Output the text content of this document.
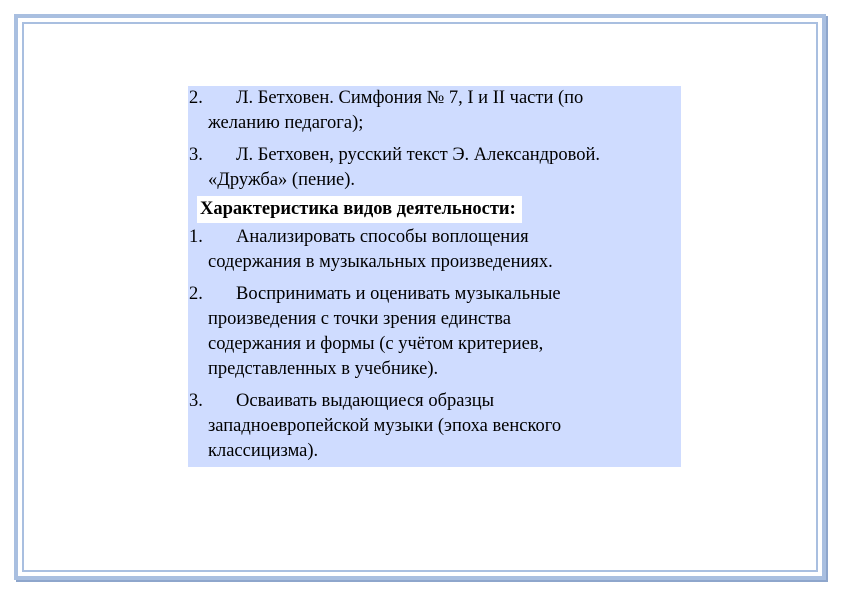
2.	Л. Бетховен. Симфония № 7, I и II части (по
желанию педагога);
3.	Л. Бетховен, русский текст Э. Александровой.
«Дружба» (пение).
Характеристика видов деятельности:
1.	Анализировать способы воплощения
содержания в музыкальных произведениях.
2.	Воспринимать и оценивать музыкальные
произведения с точки зрения единства
содержания и формы (с учётом критериев,
представленных в учебнике).
3.	Осваивать выдающиеся образцы
западноевропейской музыки (эпоха венского
классицизма).
